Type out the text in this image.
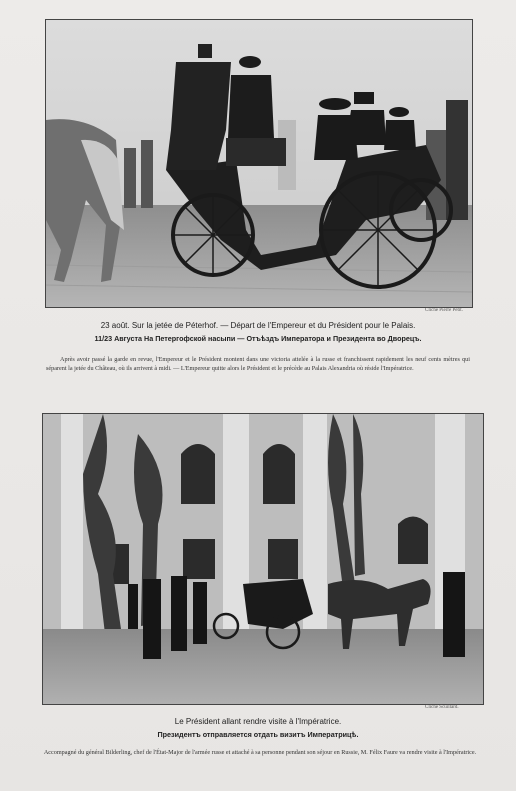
Cliché Pierre Petit.
23 août. Sur la jetée de Péterhof. — Départ de l'Empereur et du Président pour le Palais.
11/23 Августа На Петергофской насыпи — Отъѣздъ Императора и Президента во Дворецъ.

Après avoir passé la garde en revue, l'Empereur et le Président montent dans une victoria attelée à la russe et franchissent rapidement les neuf cents mètres qui séparent la jetée du Château, où ils arrivent à midi. — L'Empereur quitte alors le Président et le précède au Palais Alexandria où réside l'Impératrice.

Cliché Scuillard.
Le Président allant rendre visite à l'Impératrice.
Президентъ отправляется отдать визитъ Императрицѣ.

Accompagné du général Bilderling, chef de l'État-Major de l'armée russe et attaché à sa personne pendant son séjour en Russie, M. Félix Faure va rendre visite à l'Impératrice.
